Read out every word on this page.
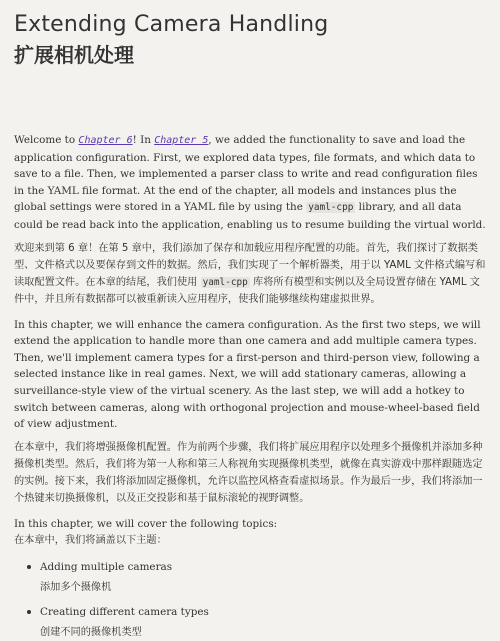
Extending Camera Handling
扩展相机处理

Welcome to Chapter 6! In Chapter 5, we added the functionality to save and load the application configuration. First, we explored data types, file formats, and which data to save to a file. Then, we implemented a parser class to write and read configuration files in the YAML file format. At the end of the chapter, all models and instances plus the global settings were stored in a YAML file by using the yaml-cpp library, and all data could be read back into the application, enabling us to resume building the virtual world.

欢迎来到第 6 章！在第 5 章中，我们添加了保存和加载应用程序配置的功能。首先，我们探讨了数据类型、文件格式以及要保存到文件的数据。然后，我们实现了一个解析器类，用于以 YAML 文件格式编写和读取配置文件。在本章的结尾，我们使用 yaml-cpp 库将所有模型和实例以及全局设置存储在 YAML 文件中，并且所有数据都可以被重新读入应用程序，使我们能够继续构建虚拟世界。

In this chapter, we will enhance the camera configuration. As the first two steps, we will extend the application to handle more than one camera and add multiple camera types. Then, we'll implement camera types for a first-person and third-person view, following a selected instance like in real games. Next, we will add stationary cameras, allowing a surveillance-style view of the virtual scenery. As the last step, we will add a hotkey to switch between cameras, along with orthogonal projection and mouse-wheel-based field of view adjustment.

在本章中，我们将增强摄像机配置。作为前两个步骤，我们将扩展应用程序以处理多个摄像机并添加多种摄像机类型。然后，我们将为第一人称和第三人称视角实现摄像机类型，就像在真实游戏中那样跟随选定的实例。接下来，我们将添加固定摄像机，允许以监控风格查看虚拟场景。作为最后一步，我们将添加一个热键来切换摄像机，以及正交投影和基于鼠标滚轮的视野调整。

In this chapter, we will cover the following topics:

在本章中，我们将涵盖以下主题：

Adding multiple cameras
添加多个摄像机
Creating different camera types
创建不同的摄像机类型
